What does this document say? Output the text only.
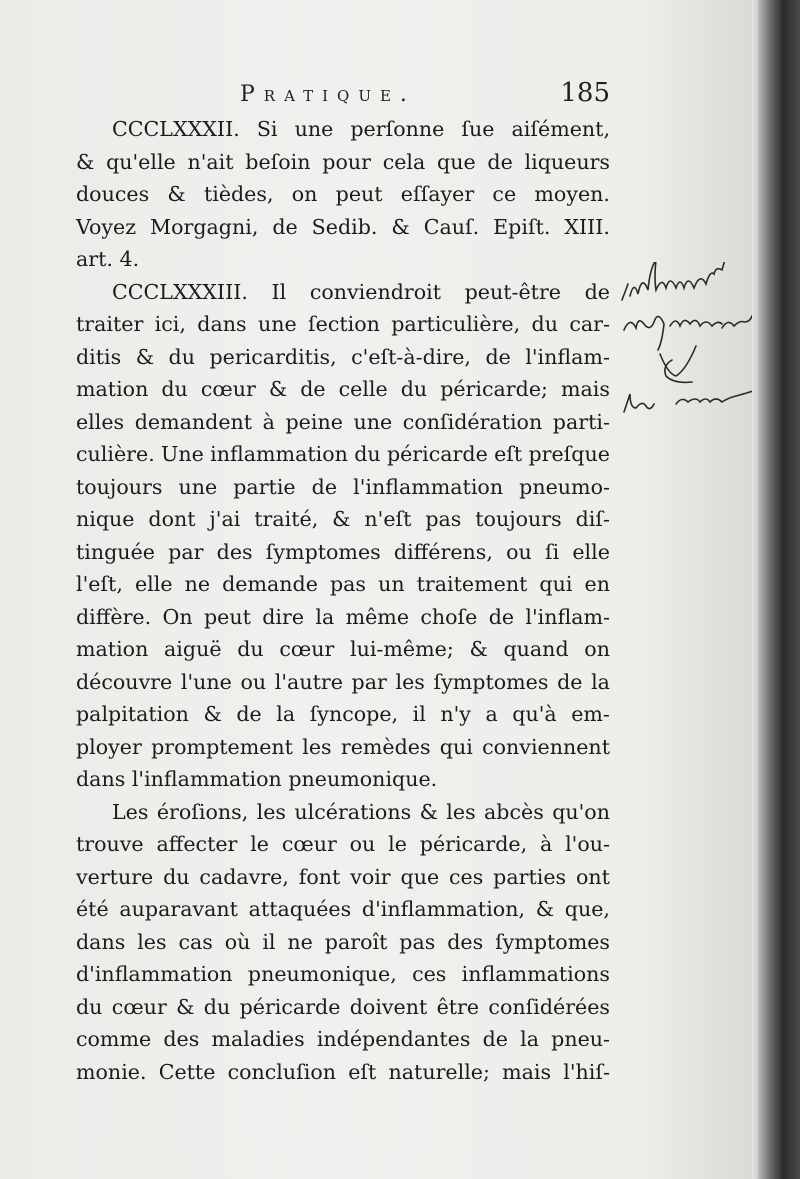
Pratique.	185
CCCLXXXII. Si une perſonne ſue aiſément,
& qu'elle n'ait beſoin pour cela que de liqueurs
douces & tièdes, on peut eſſayer ce moyen.
Voyez Morgagni, de Sedib. & Cauſ. Epiſt. XIII.
art. 4.
CCCLXXXIII. Il conviendroit peut-être de
traiter ici, dans une ſection particulière, du car-
ditis & du pericarditis, c'eſt-à-dire, de l'inflam-
mation du cœur & de celle du péricarde; mais
elles demandent à peine une conſidération parti-
culière. Une inflammation du péricarde eſt preſque
toujours une partie de l'inflammation pneumo-
nique dont j'ai traité, & n'eſt pas toujours diſ-
tinguée par des ſymptomes différens, ou ſi elle
l'eſt, elle ne demande pas un traitement qui en
diffère. On peut dire la même choſe de l'inflam-
mation aiguë du cœur lui-même; & quand on
découvre l'une ou l'autre par les ſymptomes de la
palpitation & de la ſyncope, il n'y a qu'à em-
ployer promptement les remèdes qui conviennent
dans l'inflammation pneumonique.
Les éroſions, les ulcérations & les abcès qu'on
trouve affecter le cœur ou le péricarde, à l'ou-
verture du cadavre, font voir que ces parties ont
été auparavant attaquées d'inflammation, & que,
dans les cas où il ne paroît pas des ſymptomes
d'inflammation pneumonique, ces inflammations
du cœur & du péricarde doivent être conſidérées
comme des maladies indépendantes de la pneu-
monie. Cette concluſion eſt naturelle; mais l'hiſ-
